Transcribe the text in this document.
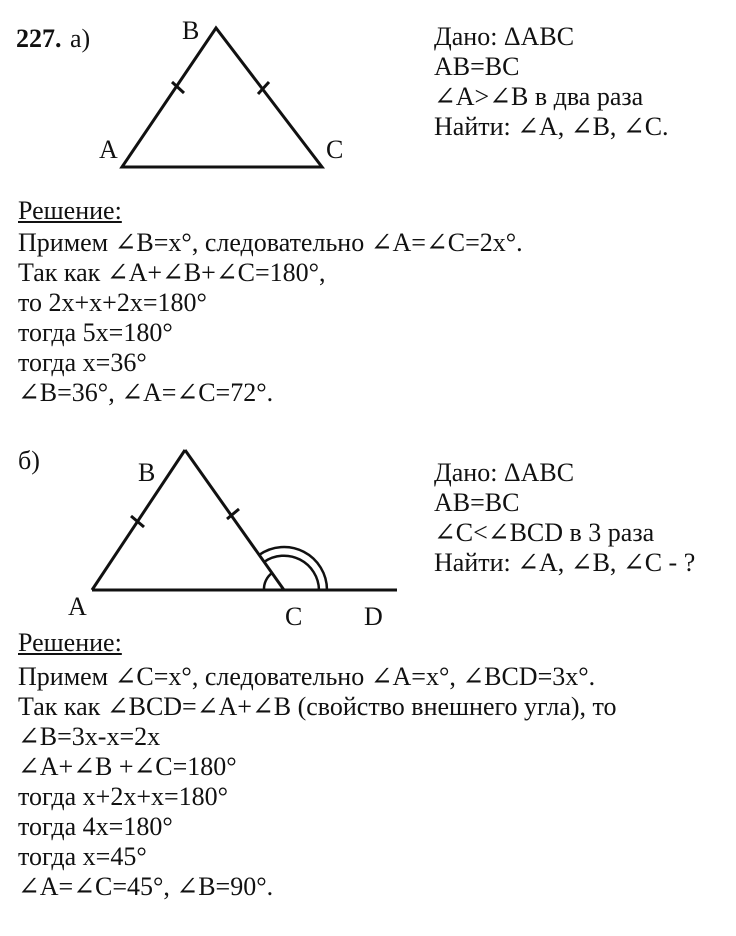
227. а)	B
A	C
Дано: ΔABC
AB=BC
∠A>∠B в два раза
Найти: ∠A, ∠B, ∠C.
Решение:
Примем ∠B=x°, следовательно ∠A=∠C=2x°.
Так как ∠A+∠B+∠C=180°,
то 2x+x+2x=180°
тогда 5x=180°
тогда x=36°
∠B=36°, ∠A=∠C=72°.
б)	B
A	C D
Дано: ΔABC
AB=BC
∠C<∠BCD в 3 раза
Найти: ∠A, ∠B, ∠C - ?
Решение:
Примем ∠C=x°, следовательно ∠A=x°, ∠BCD=3x°.
Так как ∠BCD=∠A+∠B (свойство внешнего угла), то
∠B=3x-x=2x
∠A+∠B +∠C=180°
тогда x+2x+x=180°
тогда 4x=180°
тогда x=45°
∠A=∠C=45°, ∠B=90°.
